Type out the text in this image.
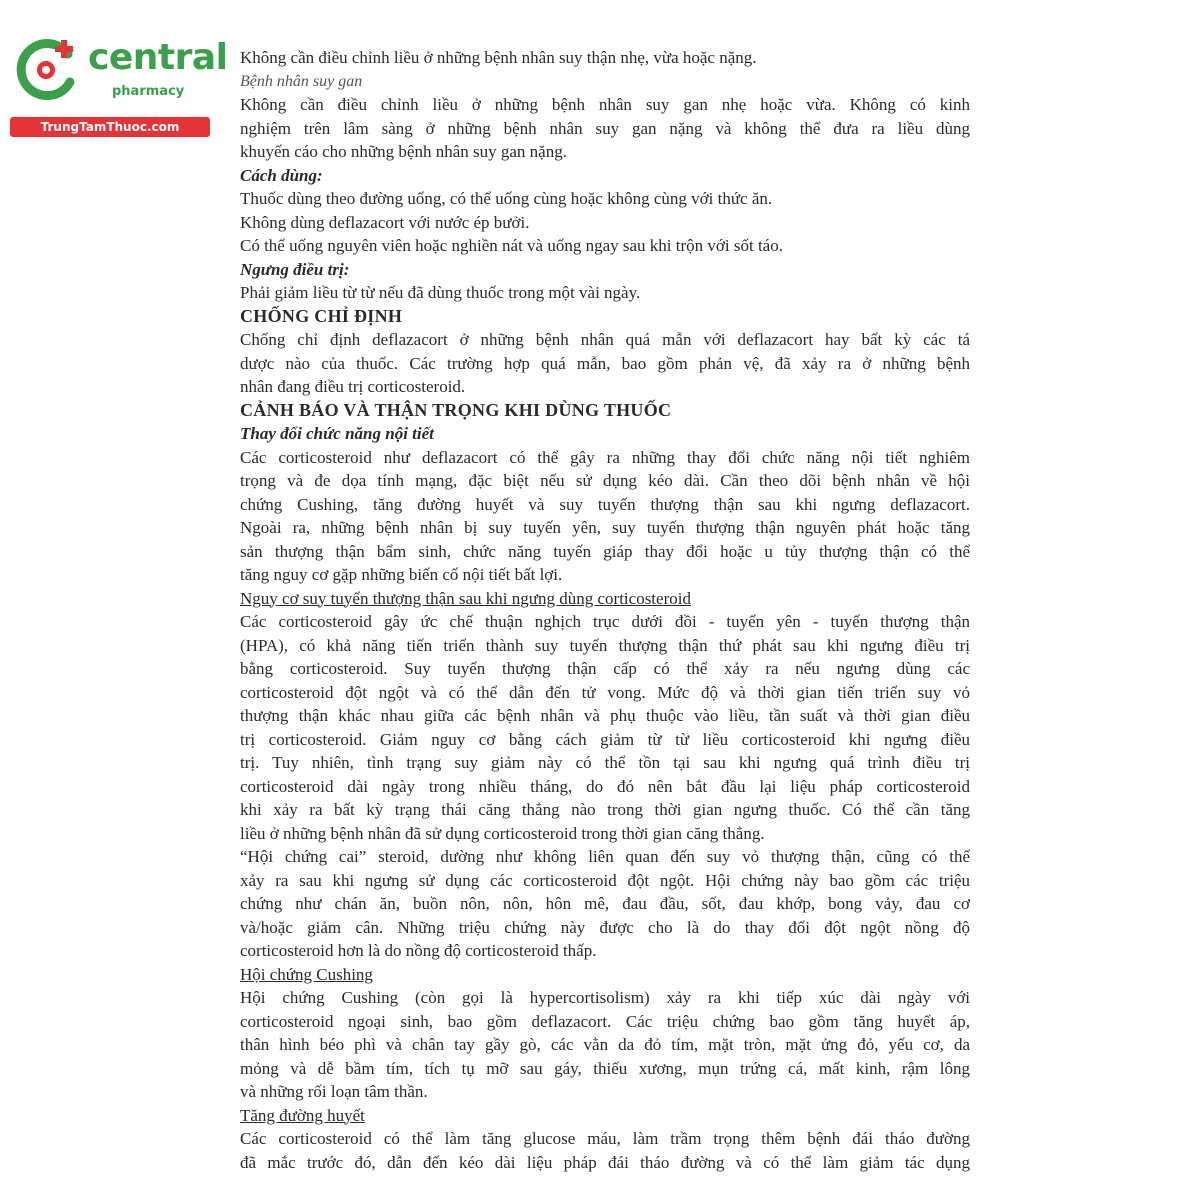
central
pharmacy
TrungTamThuoc.com
Không cần điều chỉnh liều ở những bệnh nhân suy thận nhẹ, vừa hoặc nặng.
Bệnh nhân suy gan
Không cần điều chỉnh liều ở những bệnh nhân suy gan nhẹ hoặc vừa. Không có kinh
nghiệm trên lâm sàng ở những bệnh nhân suy gan nặng và không thể đưa ra liều dùng
khuyến cáo cho những bệnh nhân suy gan nặng.
Cách dùng:
Thuốc dùng theo đường uống, có thể uống cùng hoặc không cùng với thức ăn.
Không dùng deflazacort với nước ép bưởi.
Có thể uống nguyên viên hoặc nghiền nát và uống ngay sau khi trộn với sốt táo.
Ngưng điều trị:
Phải giảm liều từ từ nếu đã dùng thuốc trong một vài ngày.
CHỐNG CHỈ ĐỊNH
Chống chỉ định deflazacort ở những bệnh nhân quá mẫn với deflazacort hay bất kỳ các tá
dược nào của thuốc. Các trường hợp quá mẫn, bao gồm phản vệ, đã xảy ra ở những bệnh
nhân đang điều trị corticosteroid.
CẢNH BÁO VÀ THẬN TRỌNG KHI DÙNG THUỐC
Thay đổi chức năng nội tiết
Các corticosteroid như deflazacort có thể gây ra những thay đổi chức năng nội tiết nghiêm
trọng và đe dọa tính mạng, đặc biệt nếu sử dụng kéo dài. Cần theo dõi bệnh nhân về hội
chứng Cushing, tăng đường huyết và suy tuyến thượng thận sau khi ngưng deflazacort.
Ngoài ra, những bệnh nhân bị suy tuyến yên, suy tuyến thượng thận nguyên phát hoặc tăng
sản thượng thận bẩm sinh, chức năng tuyến giáp thay đổi hoặc u tủy thượng thận có thể
tăng nguy cơ gặp những biến cố nội tiết bất lợi.
Nguy cơ suy tuyến thượng thận sau khi ngưng dùng corticosteroid
Các corticosteroid gây ức chế thuận nghịch trục dưới đồi - tuyến yên - tuyến thượng thận
(HPA), có khả năng tiến triển thành suy tuyến thượng thận thứ phát sau khi ngưng điều trị
bằng corticosteroid. Suy tuyến thượng thận cấp có thể xảy ra nếu ngưng dùng các
corticosteroid đột ngột và có thể dẫn đến tử vong. Mức độ và thời gian tiến triển suy vỏ
thượng thận khác nhau giữa các bệnh nhân và phụ thuộc vào liều, tần suất và thời gian điều
trị corticosteroid. Giảm nguy cơ bằng cách giảm từ từ liều corticosteroid khi ngưng điều
trị. Tuy nhiên, tình trạng suy giảm này có thể tồn tại sau khi ngưng quá trình điều trị
corticosteroid dài ngày trong nhiều tháng, do đó nên bắt đầu lại liệu pháp corticosteroid
khi xảy ra bất kỳ trạng thái căng thẳng nào trong thời gian ngưng thuốc. Có thể cần tăng
liều ở những bệnh nhân đã sử dụng corticosteroid trong thời gian căng thẳng.
“Hội chứng cai” steroid, dường như không liên quan đến suy vỏ thượng thận, cũng có thể
xảy ra sau khi ngưng sử dụng các corticosteroid đột ngột. Hội chứng này bao gồm các triệu
chứng như chán ăn, buồn nôn, nôn, hôn mê, đau đầu, sốt, đau khớp, bong vảy, đau cơ
và/hoặc giảm cân. Những triệu chứng này được cho là do thay đổi đột ngột nồng độ
corticosteroid hơn là do nồng độ corticosteroid thấp.
Hội chứng Cushing
Hội chứng Cushing (còn gọi là hypercortisolism) xảy ra khi tiếp xúc dài ngày với
corticosteroid ngoại sinh, bao gồm deflazacort. Các triệu chứng bao gồm tăng huyết áp,
thân hình béo phì và chân tay gầy gò, các vằn da đỏ tím, mặt tròn, mặt ửng đỏ, yếu cơ, da
mỏng và dễ bầm tím, tích tụ mỡ sau gáy, thiếu xương, mụn trứng cá, mất kinh, rậm lông
và những rối loạn tâm thần.
Tăng đường huyết
Các corticosteroid có thể làm tăng glucose máu, làm trầm trọng thêm bệnh đái tháo đường
đã mắc trước đó, dẫn đến kéo dài liệu pháp đái tháo đường và có thể làm giảm tác dụng
